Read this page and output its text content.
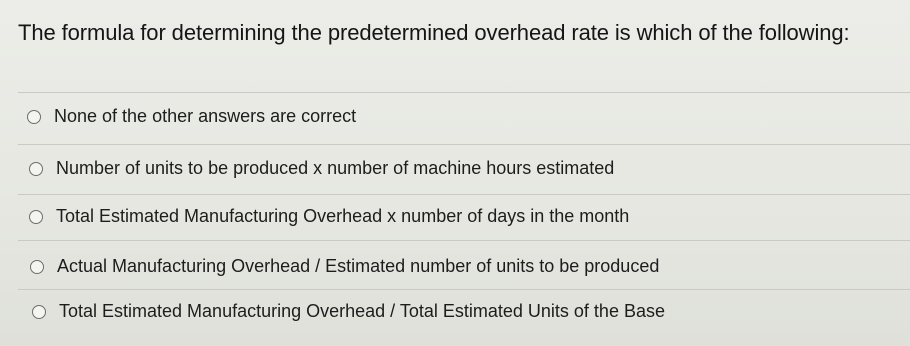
The formula for determining the predetermined overhead rate is which of the following:
None of the other answers are correct
Number of units to be produced x number of machine hours estimated
Total Estimated Manufacturing Overhead x number of days in the month
Actual Manufacturing Overhead / Estimated number of units to be produced
Total Estimated Manufacturing Overhead / Total Estimated Units of the Base
